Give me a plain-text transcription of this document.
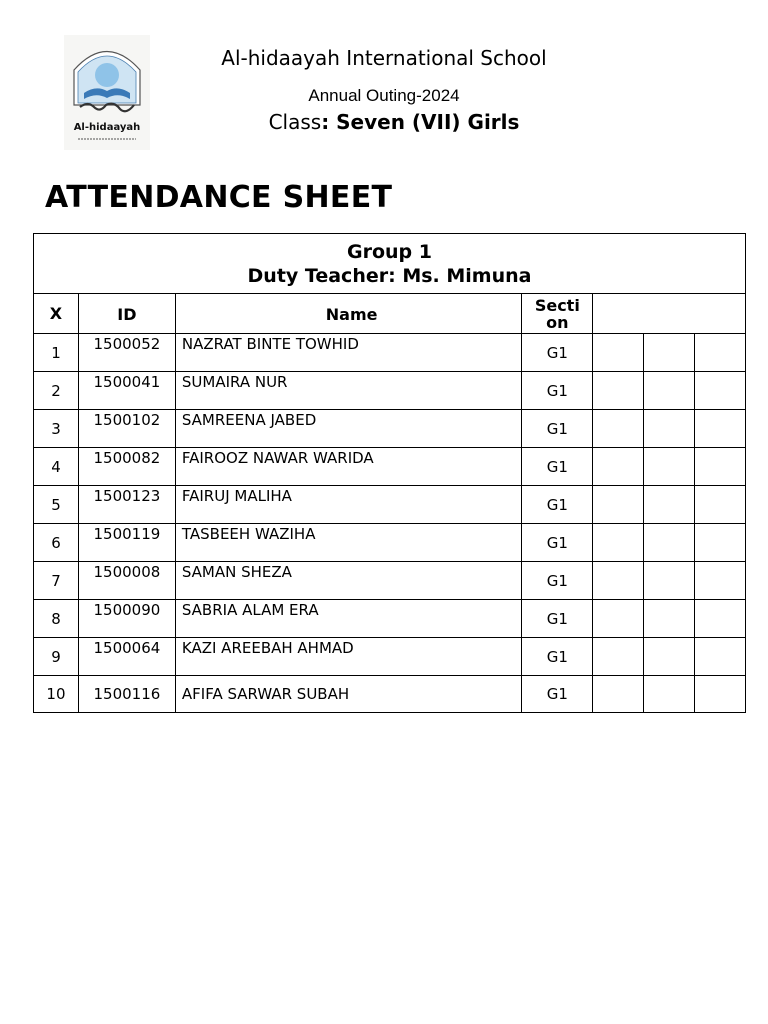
Al-hidaayah
Al-hidaayah International School
Annual Outing-2024
Class: Seven (VII) Girls
ATTENDANCE SHEET
Group 1
Duty Teacher: Ms. Mimuna						

X	ID	Name	Secti
on			

1	1500052	NAZRAT BINTE TOWHID	G1			
2	1500041	SUMAIRA NUR	G1			
3	1500102	SAMREENA JABED	G1			
4	1500082	FAIROOZ NAWAR WARIDA	G1			
5	1500123	FAIRUJ MALIHA	G1			
6	1500119	TASBEEH WAZIHA	G1			
7	1500008	SAMAN SHEZA	G1			
8	1500090	SABRIA ALAM ERA	G1			
9	1500064	KAZI AREEBAH AHMAD	G1			
10	1500116	AFIFA SARWAR SUBAH	G1			
